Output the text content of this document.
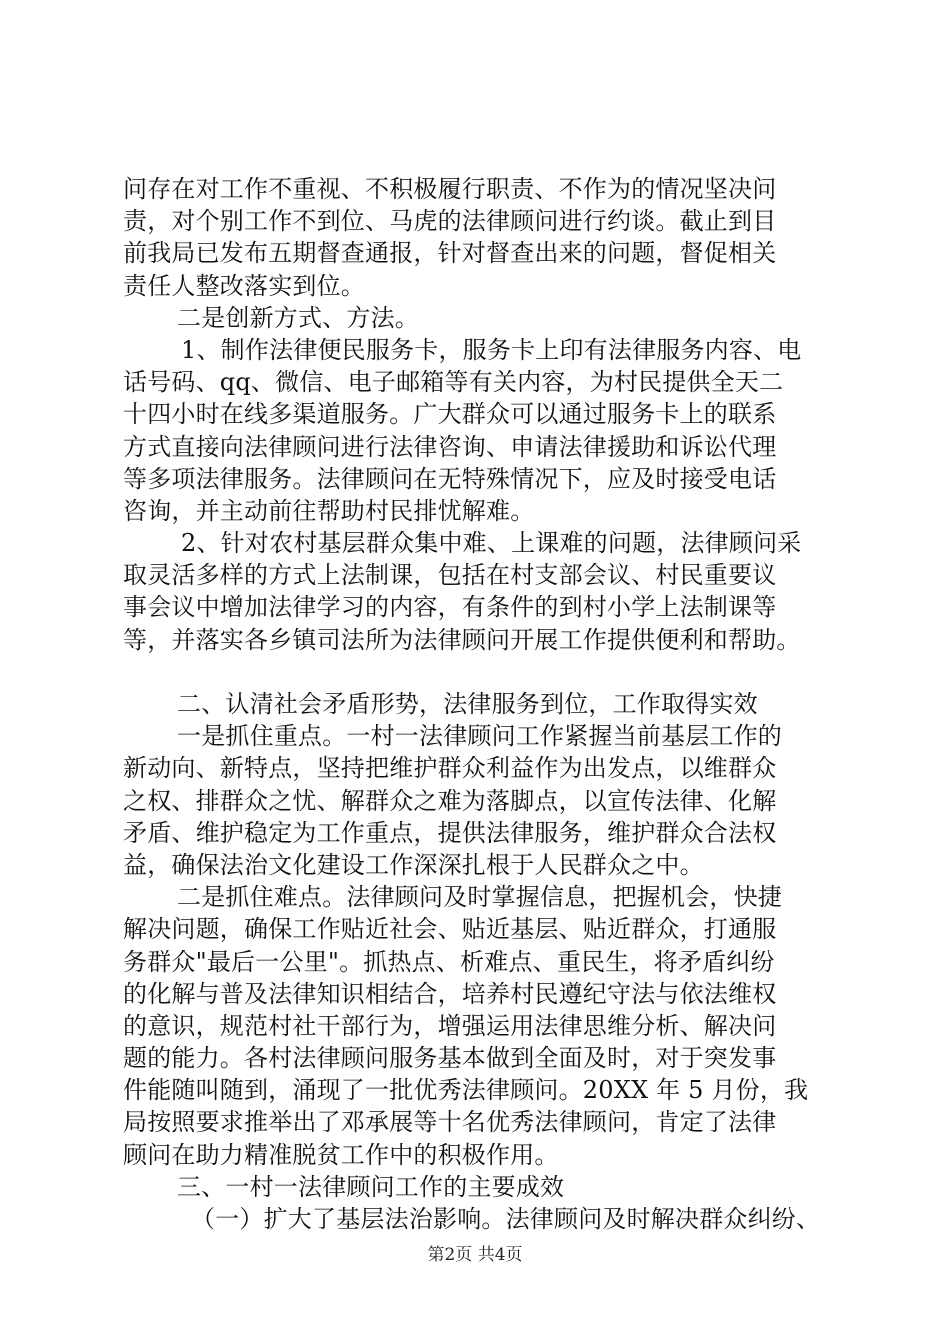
问存在对工作不重视、不积极履行职责、不作为的情况坚决问
责，对个别工作不到位、马虎的法律顾问进行约谈。截止到目
前我局已发布五期督查通报，针对督查出来的问题，督促相关
责任人整改落实到位。
二是创新方式、方法。
1、制作法律便民服务卡，服务卡上印有法律服务内容、电
话号码、qq、微信、电子邮箱等有关内容，为村民提供全天二
十四小时在线多渠道服务。广大群众可以通过服务卡上的联系
方式直接向法律顾问进行法律咨询、申请法律援助和诉讼代理
等多项法律服务。法律顾问在无特殊情况下，应及时接受电话
咨询，并主动前往帮助村民排忧解难。
2、针对农村基层群众集中难、上课难的问题，法律顾问采
取灵活多样的方式上法制课，包括在村支部会议、村民重要议
事会议中增加法律学习的内容，有条件的到村小学上法制课等
等，并落实各乡镇司法所为法律顾问开展工作提供便利和帮助。
二、认清社会矛盾形势，法律服务到位，工作取得实效
一是抓住重点。一村一法律顾问工作紧握当前基层工作的
新动向、新特点，坚持把维护群众利益作为出发点，以维群众
之权、排群众之忧、解群众之难为落脚点，以宣传法律、化解
矛盾、维护稳定为工作重点，提供法律服务，维护群众合法权
益，确保法治文化建设工作深深扎根于人民群众之中。
二是抓住难点。法律顾问及时掌握信息，把握机会，快捷
解决问题，确保工作贴近社会、贴近基层、贴近群众，打通服
务群众"最后一公里"。抓热点、析难点、重民生，将矛盾纠纷
的化解与普及法律知识相结合，培养村民遵纪守法与依法维权
的意识，规范村社干部行为，增强运用法律思维分析、解决问
题的能力。各村法律顾问服务基本做到全面及时，对于突发事
件能随叫随到，涌现了一批优秀法律顾问。20XX 年 5 月份，我
局按照要求推举出了邓承展等十名优秀法律顾问，肯定了法律
顾问在助力精准脱贫工作中的积极作用。
三、一村一法律顾问工作的主要成效
（一）扩大了基层法治影响。法律顾问及时解决群众纠纷、
第2页 共4页
